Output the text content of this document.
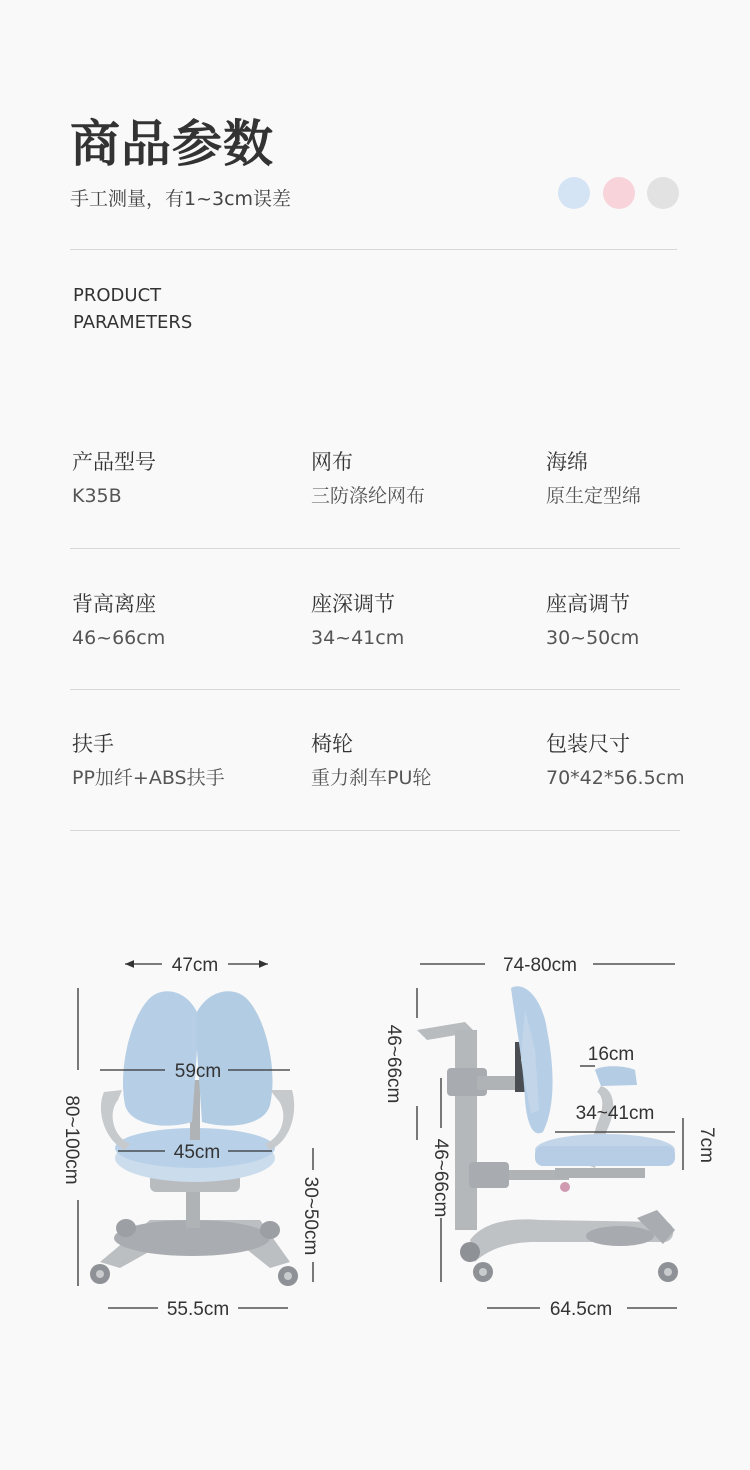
商品参数
手工测量，有1~3cm误差
PRODUCT
PARAMETERS
产品型号
K35B
网布
三防涤纶网布
海绵
原生定型绵
背高离座
46~66cm
座深调节
34~41cm
座高调节
30~50cm
扶手
PP加纤+ABS扶手
椅轮
重力刹车PU轮
包装尺寸
70*42*56.5cm
47cm
59cm
45cm
80~100cm
30~50cm
55.5cm
74-80cm
46~66cm	16cm
34~41cm
7cm
46~66cm
64.5cm
